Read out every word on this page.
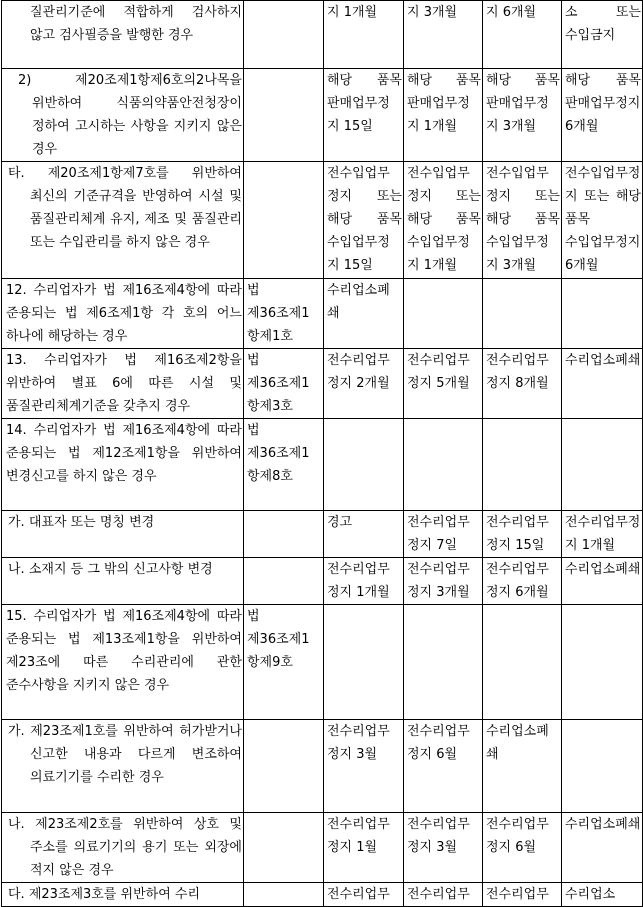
질관리기준에 적합하게 검사하지 않고 검사필증을 발행한 경우		지 1개월	지 3개월	지 6개월	소 또는 수입금지
2) 제20조제1항제6호의2나목을 위반하여 식품의약품안전청장이 정하여 고시하는 사항을 지키지 않은 경우		해당 품목 판매업무정지 15일	해당 품목 판매업무정지 1개월	해당 품목 판매업무정지 3개월	해당 품목 판매업무정지 6개월
타. 제20조제1항제7호를 위반하여 최신의 기준규격을 반영하여 시설 및 품질관리체계 유지, 제조 및 품질관리 또는 수입관리를 하지 않은 경우		전수입업무정지 또는 해당 품목 수입업무정지 15일	전수입업무정지 또는 해당 품목 수입업무정지 1개월	전수입업무정지 또는 해당 품목 수입업무정지 3개월	전수입업무정지 또는 해당 품목 수입업무정지 6개월
12. 수리업자가 법 제16조제4항에 따라 준용되는 법 제6조제1항 각 호의 어느 하나에 해당하는 경우	법 제36조제1항제1호	수리업소폐쇄			
13. 수리업자가 법 제16조제2항을 위반하여 별표 6에 따른 시설 및 품질관리체계기준을 갖추지 경우	법 제36조제1항제3호	전수리업무정지 2개월	전수리업무정지 5개월	전수리업무정지 8개월	수리업소폐쇄
14. 수리업자가 법 제16조제4항에 따라 준용되는 법 제12조제1항을 위반하여 변경신고를 하지 않은 경우	법 제36조제1항제8호				
가. 대표자 또는 명칭 변경		경고	전수리업무정지 7일	전수리업무정지 15일	전수리업무정지 1개월
나. 소재지 등 그 밖의 신고사항 변경		전수리업무정지 1개월	전수리업무정지 3개월	전수리업무정지 6개월	수리업소폐쇄
15. 수리업자가 법 제16조제4항에 따라 준용되는 법 제13조제1항을 위반하여 제23조에 따른 수리관리에 관한 준수사항을 지키지 않은 경우	법 제36조제1항제9호				
가. 제23조제1호를 위반하여 허가받거나 신고한 내용과 다르게 변조하여 의료기기를 수리한 경우		전수리업무정지 3월	전수리업무정지 6월	수리업소폐쇄	
나. 제23조제2호를 위반하여 상호 및 주소를 의료기기의 용기 또는 외장에 적지 않은 경우		전수리업무정지 1월	전수리업무정지 3월	전수리업무정지 6월	수리업소폐쇄
다. 제23조제3호를 위반하여 수리		전수리업무	전수리업무	전수리업무	수리업소
